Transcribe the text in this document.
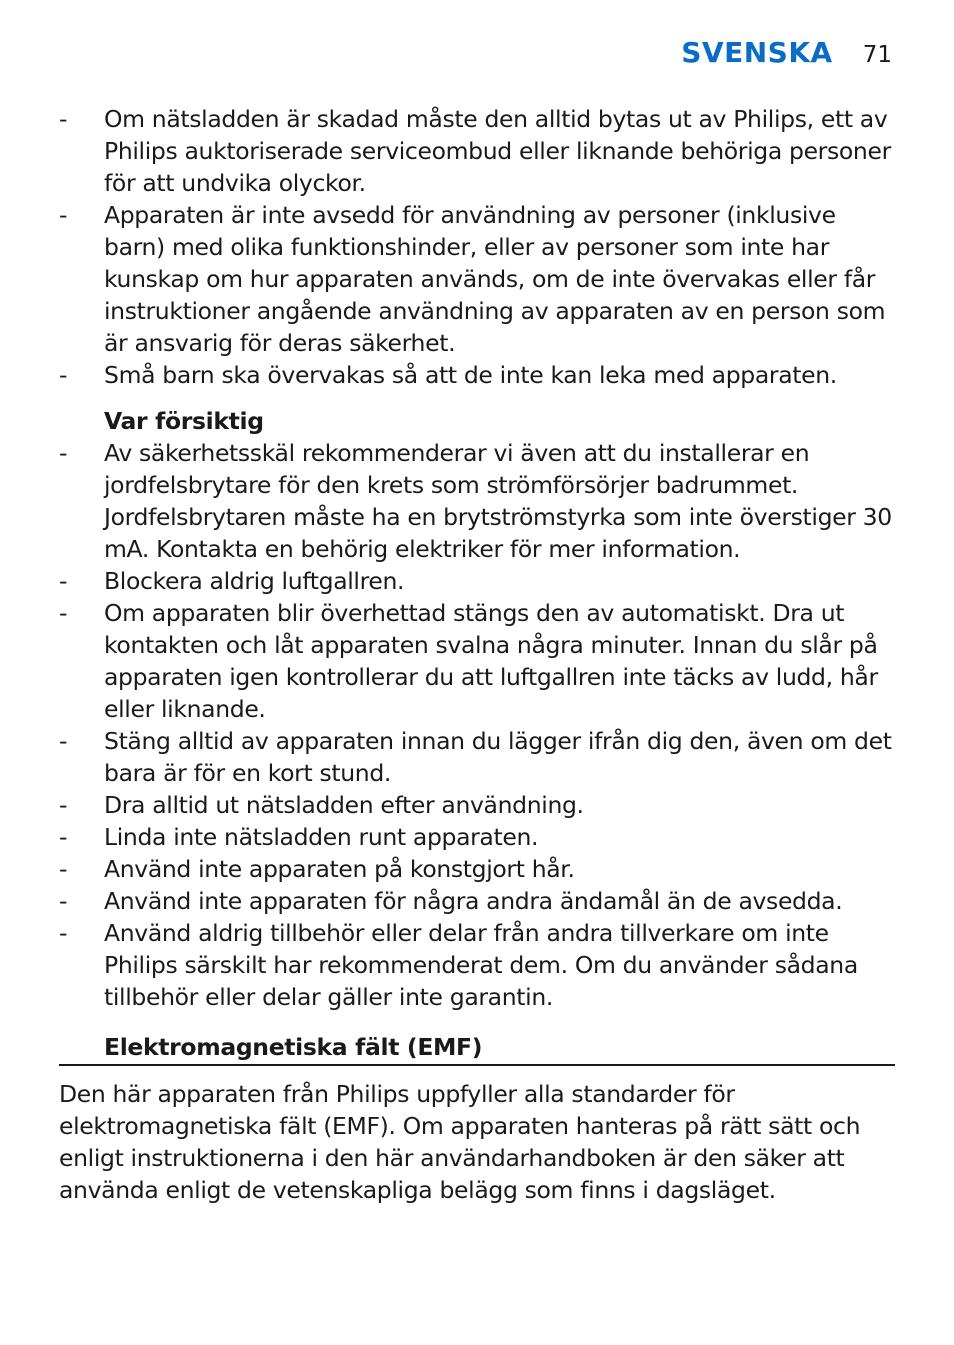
SVENSKA 71
- Om nätsladden är skadad måste den alltid bytas ut av Philips, ett av Philips auktoriserade serviceombud eller liknande behöriga personer för att undvika olyckor.
- Apparaten är inte avsedd för användning av personer (inklusive barn) med olika funktionshinder, eller av personer som inte har kunskap om hur apparaten används, om de inte övervakas eller får instruktioner angående användning av apparaten av en person som är ansvarig för deras säkerhet.
- Små barn ska övervakas så att de inte kan leka med apparaten.
Var försiktig
- Av säkerhetsskäl rekommenderar vi även att du installerar en jordfelsbrytare för den krets som strömförsörjer badrummet. Jordfelsbrytaren måste ha en brytströmstyrka som inte överstiger 30 mA. Kontakta en behörig elektriker för mer information.
- Blockera aldrig luftgallren.
- Om apparaten blir överhettad stängs den av automatiskt. Dra ut kontakten och låt apparaten svalna några minuter. Innan du slår på apparaten igen kontrollerar du att luftgallren inte täcks av ludd, hår eller liknande.
- Stäng alltid av apparaten innan du lägger ifrån dig den, även om det bara är för en kort stund.
- Dra alltid ut nätsladden efter användning.
- Linda inte nätsladden runt apparaten.
- Använd inte apparaten på konstgjort hår.
- Använd inte apparaten för några andra ändamål än de avsedda.
- Använd aldrig tillbehör eller delar från andra tillverkare om inte Philips särskilt har rekommenderat dem. Om du använder sådana tillbehör eller delar gäller inte garantin.
Elektromagnetiska fält (EMF)
Den här apparaten från Philips uppfyller alla standarder för elektromagnetiska fält (EMF). Om apparaten hanteras på rätt sätt och enligt instruktionerna i den här användarhandboken är den säker att använda enligt de vetenskapliga belägg som finns i dagsläget.
